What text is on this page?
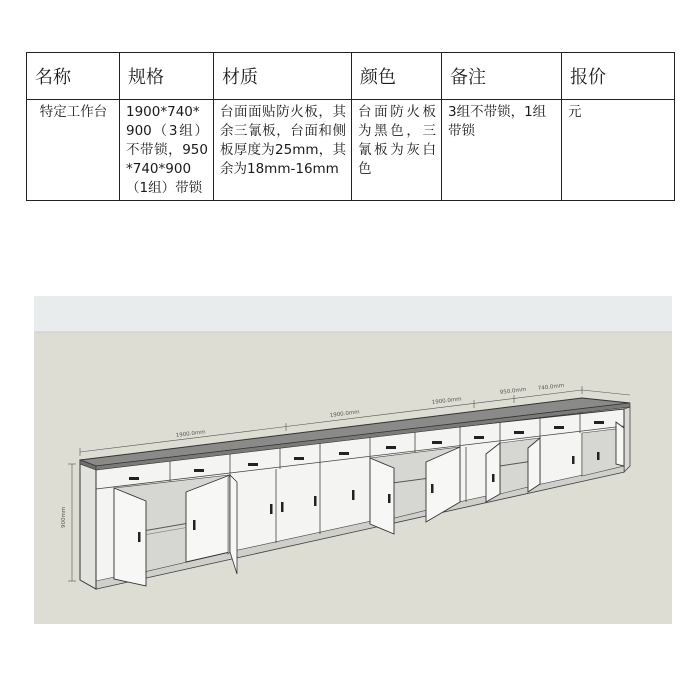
名称	规格	材质	颜色	备注	报价
特定工作台	1900*740*900（3组）不带锁，950*740*900（1组）带锁	台面面贴防火板，其余三氰板，台面和侧板厚度为25mm，其余为18mm-16mm	台面防火板为黑色，三氰板为灰白色	3组不带锁，1组带锁	元
1900.0mm
1900.0mm
1900.0mm
950.0mm 740.0mm
900mm
